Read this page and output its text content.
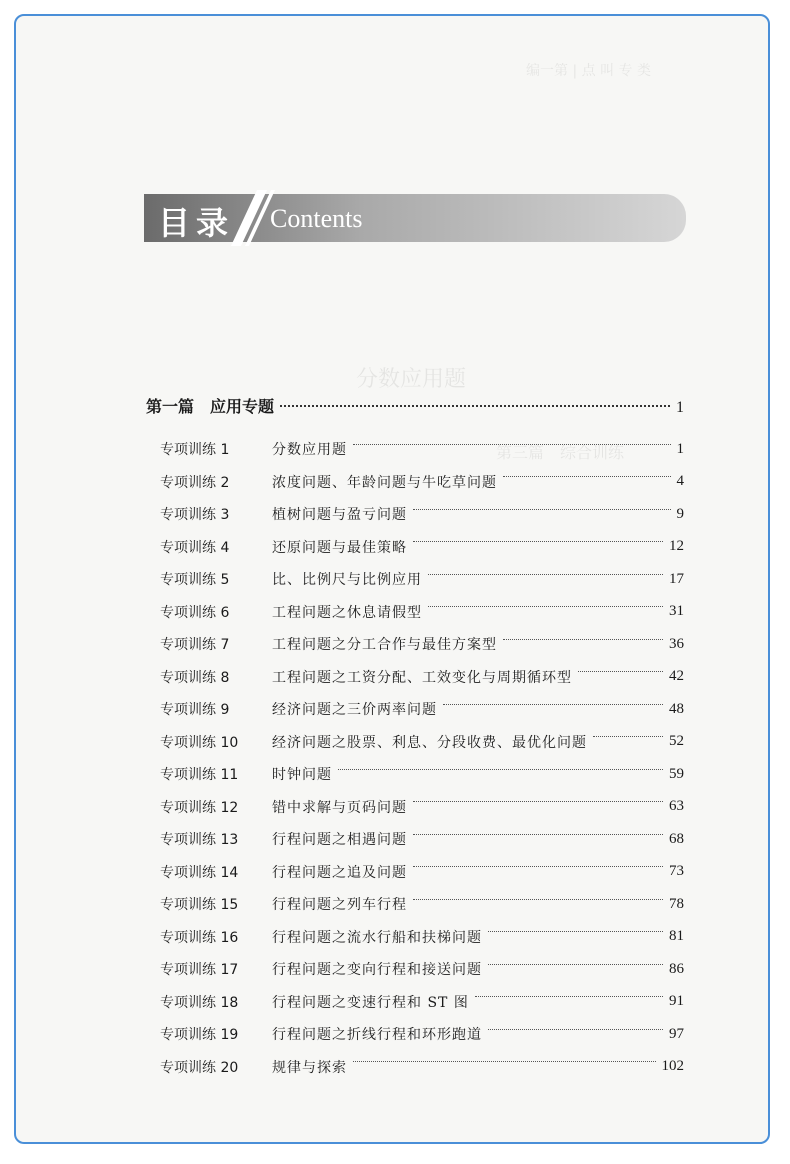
编一第 | 点 叫 专 类
分数应用题
第三篇　综合训练
目录 Contents
第一篇　应用专题	1
专项训练 1	分数应用题	1
专项训练 2	浓度问题、年龄问题与牛吃草问题	4
专项训练 3	植树问题与盈亏问题	9
专项训练 4	还原问题与最佳策略	12
专项训练 5	比、比例尺与比例应用	17
专项训练 6	工程问题之休息请假型	31
专项训练 7	工程问题之分工合作与最佳方案型	36
专项训练 8	工程问题之工资分配、工效变化与周期循环型	42
专项训练 9	经济问题之三价两率问题	48
专项训练 10	经济问题之股票、利息、分段收费、最优化问题	52
专项训练 11	时钟问题	59
专项训练 12	错中求解与页码问题	63
专项训练 13	行程问题之相遇问题	68
专项训练 14	行程问题之追及问题	73
专项训练 15	行程问题之列车行程	78
专项训练 16	行程问题之流水行船和扶梯问题	81
专项训练 17	行程问题之变向行程和接送问题	86
专项训练 18	行程问题之变速行程和 ST 图	91
专项训练 19	行程问题之折线行程和环形跑道	97
专项训练 20	规律与探索	102
